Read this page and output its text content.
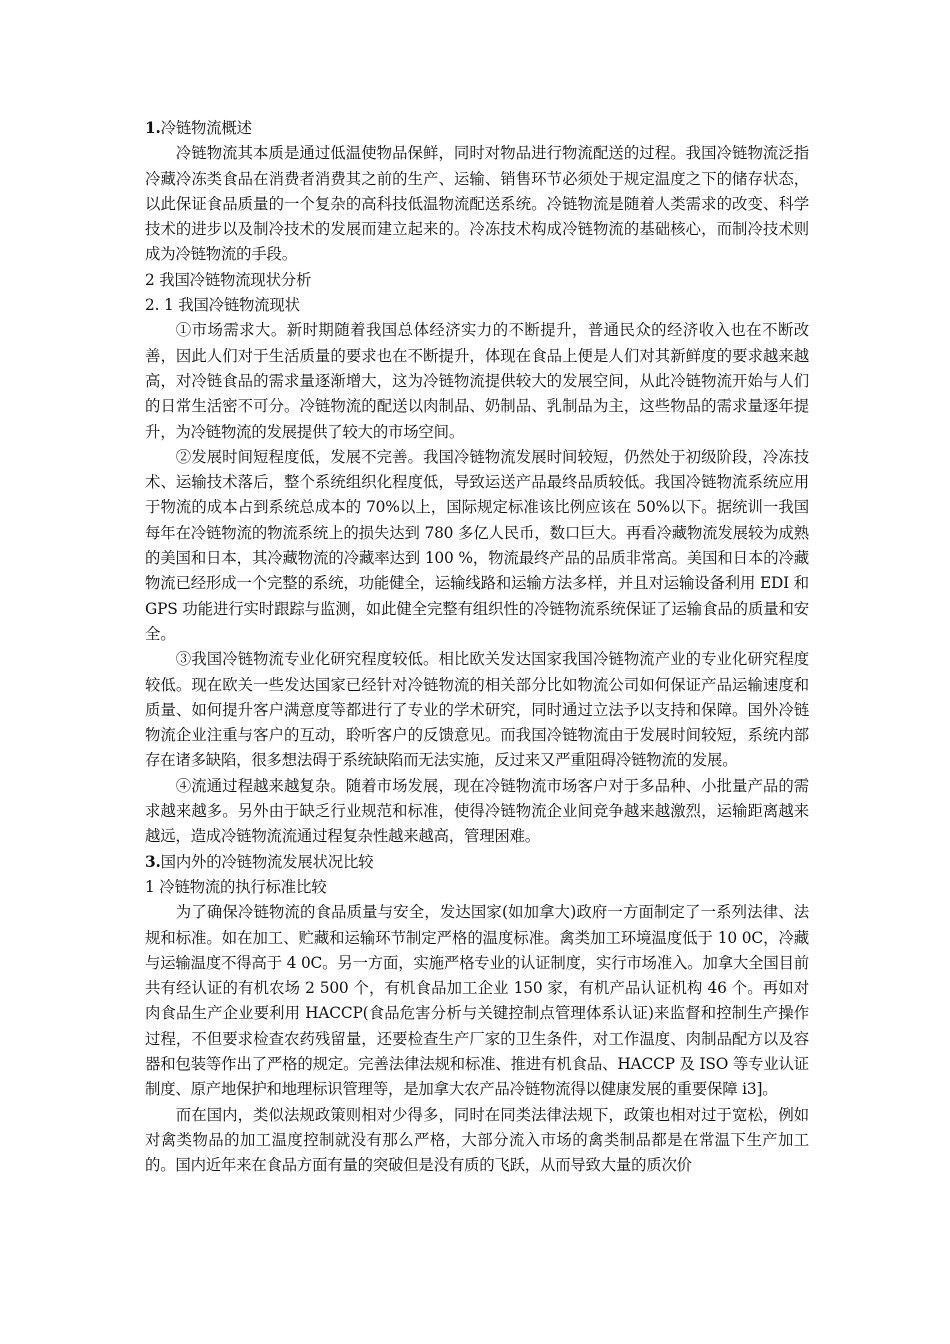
1.冷链物流概述

冷链物流其本质是通过低温使物品保鲜，同时对物品进行物流配送的过程。我国冷链物流泛指冷藏冷冻类食品在消费者消费其之前的生产、运输、销售环节必须处于规定温度之下的储存状态，以此保证食品质量的一个复杂的高科技低温物流配送系统。冷链物流是随着人类需求的改变、科学技术的进步以及制冷技术的发展而建立起来的。冷冻技术构成冷链物流的基础核心，而制冷技术则成为冷链物流的手段。

2 我国冷链物流现状分析

2. 1 我国冷链物流现状

①市场需求大。新时期随着我国总体经济实力的不断提升，普通民众的经济收入也在不断改善，因此人们对于生活质量的要求也在不断提升，体现在食品上便是人们对其新鲜度的要求越来越高，对冷链食品的需求量逐渐增大，这为冷链物流提供较大的发展空间，从此冷链物流开始与人们的日常生活密不可分。冷链物流的配送以肉制品、奶制品、乳制品为主，这些物品的需求量逐年提升，为冷链物流的发展提供了较大的市场空间。

②发展时间短程度低，发展不完善。我国冷链物流发展时间较短，仍然处于初级阶段，冷冻技术、运输技术落后，整个系统组织化程度低，导致运送产品最终品质较低。我国冷链物流系统应用于物流的成本占到系统总成本的 70%以上，国际规定标准该比例应该在 50%以下。据统训一我国每年在冷链物流的物流系统上的损失达到 780 多亿人民币，数口巨大。再看冷藏物流发展较为成熟的美国和日本，其冷藏物流的冷藏率达到 100 %，物流最终产品的品质非常高。美国和日本的冷藏物流已经形成一个完整的系统，功能健全，运输线路和运输方法多样，并且对运输设备利用 EDI 和 GPS 功能进行实时跟踪与监测，如此健全完整有组织性的冷链物流系统保证了运输食品的质量和安全。

③我国冷链物流专业化研究程度较低。相比欧关发达国家我国冷链物流产业的专业化研究程度较低。现在欧关一些发达国家已经针对冷链物流的相关部分比如物流公司如何保证产品运输速度和质量、如何提升客户满意度等都进行了专业的学术研究，同时通过立法予以支持和保障。国外冷链物流企业注重与客户的互动，聆听客户的反馈意见。而我国冷链物流由于发展时间较短，系统内部存在诸多缺陷，很多想法碍于系统缺陷而无法实施，反过来又严重阻碍冷链物流的发展。

④流通过程越来越复杂。随着市场发展，现在冷链物流市场客户对于多品种、小批量产品的需求越来越多。另外由于缺乏行业规范和标准，使得冷链物流企业间竞争越来越激烈，运输距离越来越远，造成冷链物流流通过程复杂性越来越高，管理困难。

3.国内外的冷链物流发展状况比较

1 冷链物流的执行标准比较

为了确保冷链物流的食品质量与安全，发达国家(如加拿大)政府一方面制定了一系列法律、法规和标准。如在加工、贮藏和运输环节制定严格的温度标准。禽类加工环境温度低于 10 0C，冷藏与运输温度不得高于 4 0C。另一方面，实施严格专业的认证制度，实行市场准入。加拿大全国目前共有经认证的有机农场 2 500 个，有机食品加工企业 150 家，有机产品认证机构 46 个。再如对肉食品生产企业要利用 HACCP(食品危害分析与关键控制点管理体系认证)来监督和控制生产操作过程，不但要求检查农药残留量，还要检查生产厂家的卫生条件，对工作温度、肉制品配方以及容器和包装等作出了严格的规定。完善法律法规和标准、推进有机食品、HACCP 及 ISO 等专业认证制度、原产地保护和地理标识管理等，是加拿大农产品冷链物流得以健康发展的重要保障 i3]。

而在国内，类似法规政策则相对少得多，同时在同类法律法规下，政策也相对过于宽松，例如对禽类物品的加工温度控制就没有那么严格，大部分流入市场的禽类制品都是在常温下生产加工的。国内近年来在食品方面有量的突破但是没有质的飞跃，从而导致大量的质次价
